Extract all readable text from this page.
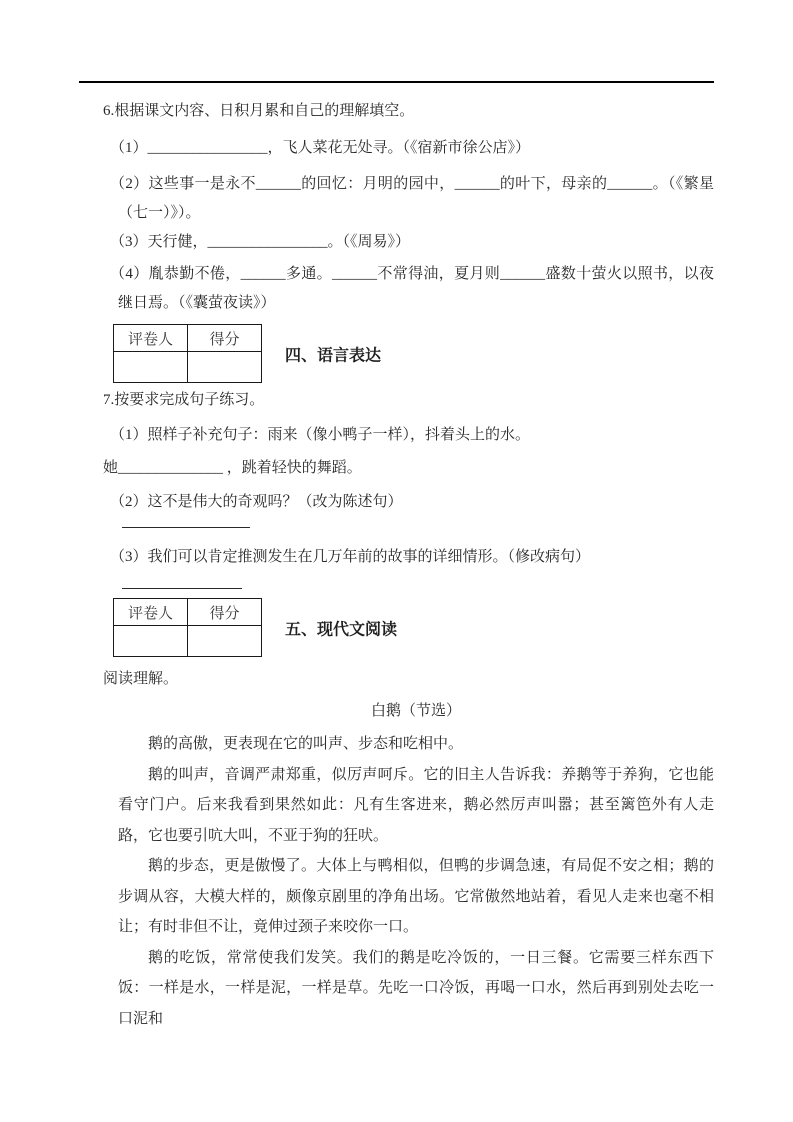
6.根据课文内容、日积月累和自己的理解填空。

（1）________________，飞人菜花无处寻。（《宿新市徐公店》）

（2）这些事一是永不______的回忆：月明的园中，______的叶下，母亲的______。（《繁星（七一）》）。

（3）天行健，________________。（《周易》）

（4）胤恭勤不倦，______多通。______不常得油，夏月则______盛数十萤火以照书，以夜继日焉。（《囊萤夜读》）

评卷人	得分

四、语言表达

7.按要求完成句子练习。

（1）照样子补充句子：雨来（像小鸭子一样），抖着头上的水。

她______________ ，跳着轻快的舞蹈。

（2）这不是伟大的奇观吗？（改为陈述句）

（3）我们可以肯定推测发生在几万年前的故事的详细情形。（修改病句）

评卷人	得分

五、现代文阅读

阅读理解。

白鹅（节选）

鹅的高傲，更表现在它的叫声、步态和吃相中。

鹅的叫声，音调严肃郑重，似厉声呵斥。它的旧主人告诉我：养鹅等于养狗，它也能看守门户。后来我看到果然如此：凡有生客进来，鹅必然厉声叫嚣；甚至篱笆外有人走路，它也要引吭大叫，不亚于狗的狂吠。

鹅的步态，更是傲慢了。大体上与鸭相似，但鸭的步调急速，有局促不安之相；鹅的步调从容，大模大样的，颇像京剧里的净角出场。它常傲然地站着，看见人走来也毫不相让；有时非但不让，竟伸过颈子来咬你一口。

鹅的吃饭，常常使我们发笑。我们的鹅是吃冷饭的，一日三餐。它需要三样东西下饭：一样是水，一样是泥，一样是草。先吃一口冷饭，再喝一口水，然后再到别处去吃一口泥和
